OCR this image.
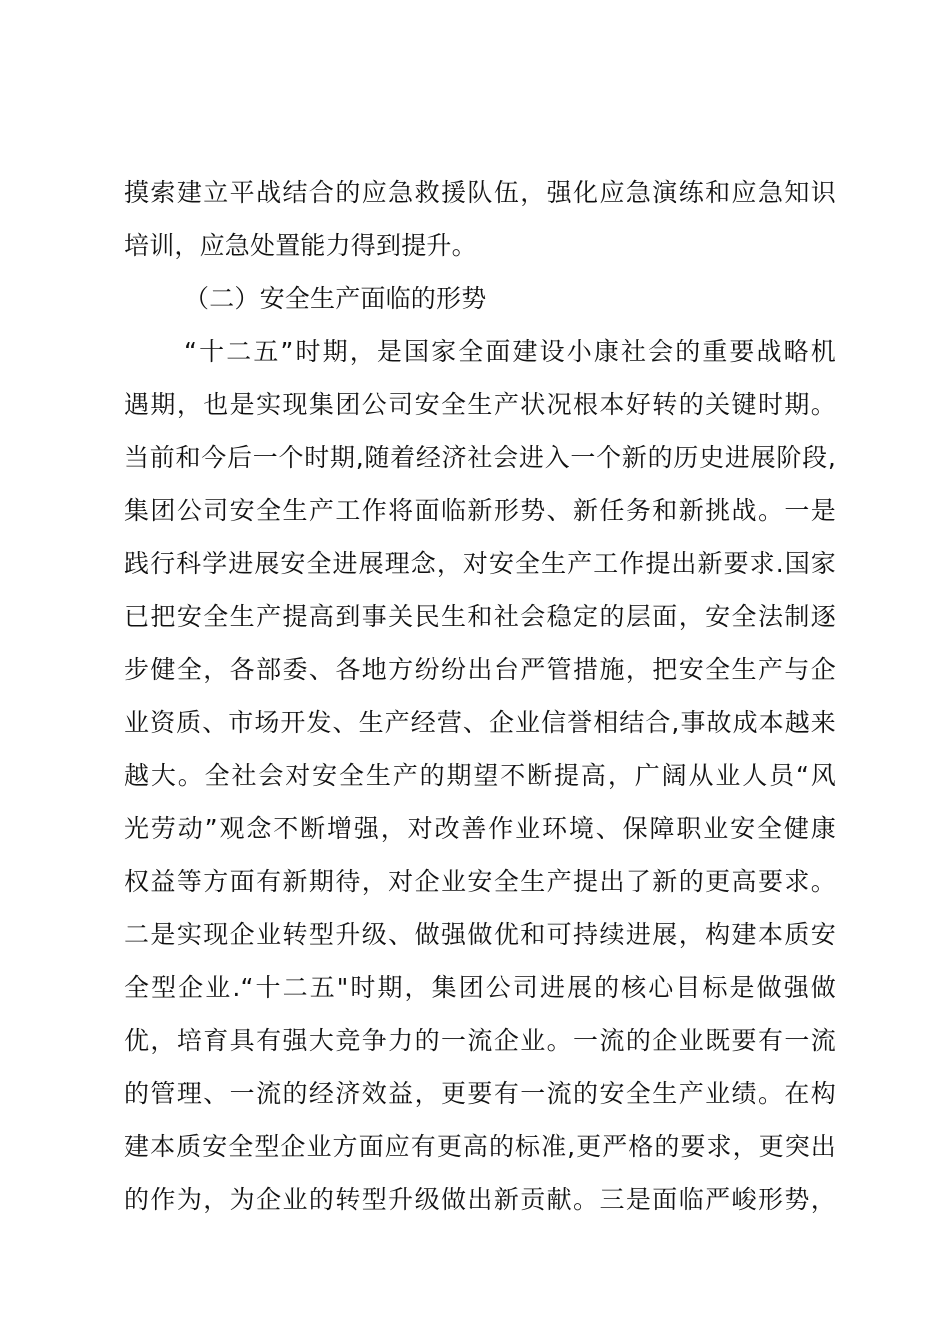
摸索建立平战结合的应急救援队伍，强化应急演练和应急知识
培训，应急处置能力得到提升。
（二）安全生产面临的形势
“十二五”时期，是国家全面建设小康社会的重要战略机
遇期，也是实现集团公司安全生产状况根本好转的关键时期。
当前和今后一个时期,随着经济社会进入一个新的历史进展阶段,
集团公司安全生产工作将面临新形势、新任务和新挑战。一是
践行科学进展安全进展理念，对安全生产工作提出新要求.国家
已把安全生产提高到事关民生和社会稳定的层面，安全法制逐
步健全，各部委、各地方纷纷出台严管措施，把安全生产与企
业资质、市场开发、生产经营、企业信誉相结合,事故成本越来
越大。全社会对安全生产的期望不断提高，广阔从业人员“风
光劳动”观念不断增强，对改善作业环境、保障职业安全健康
权益等方面有新期待，对企业安全生产提出了新的更高要求。
二是实现企业转型升级、做强做优和可持续进展，构建本质安
全型企业.“十二五"时期，集团公司进展的核心目标是做强做
优，培育具有强大竞争力的一流企业。一流的企业既要有一流
的管理、一流的经济效益，更要有一流的安全生产业绩。在构
建本质安全型企业方面应有更高的标准,更严格的要求，更突出
的作为，为企业的转型升级做出新贡献。三是面临严峻形势，
